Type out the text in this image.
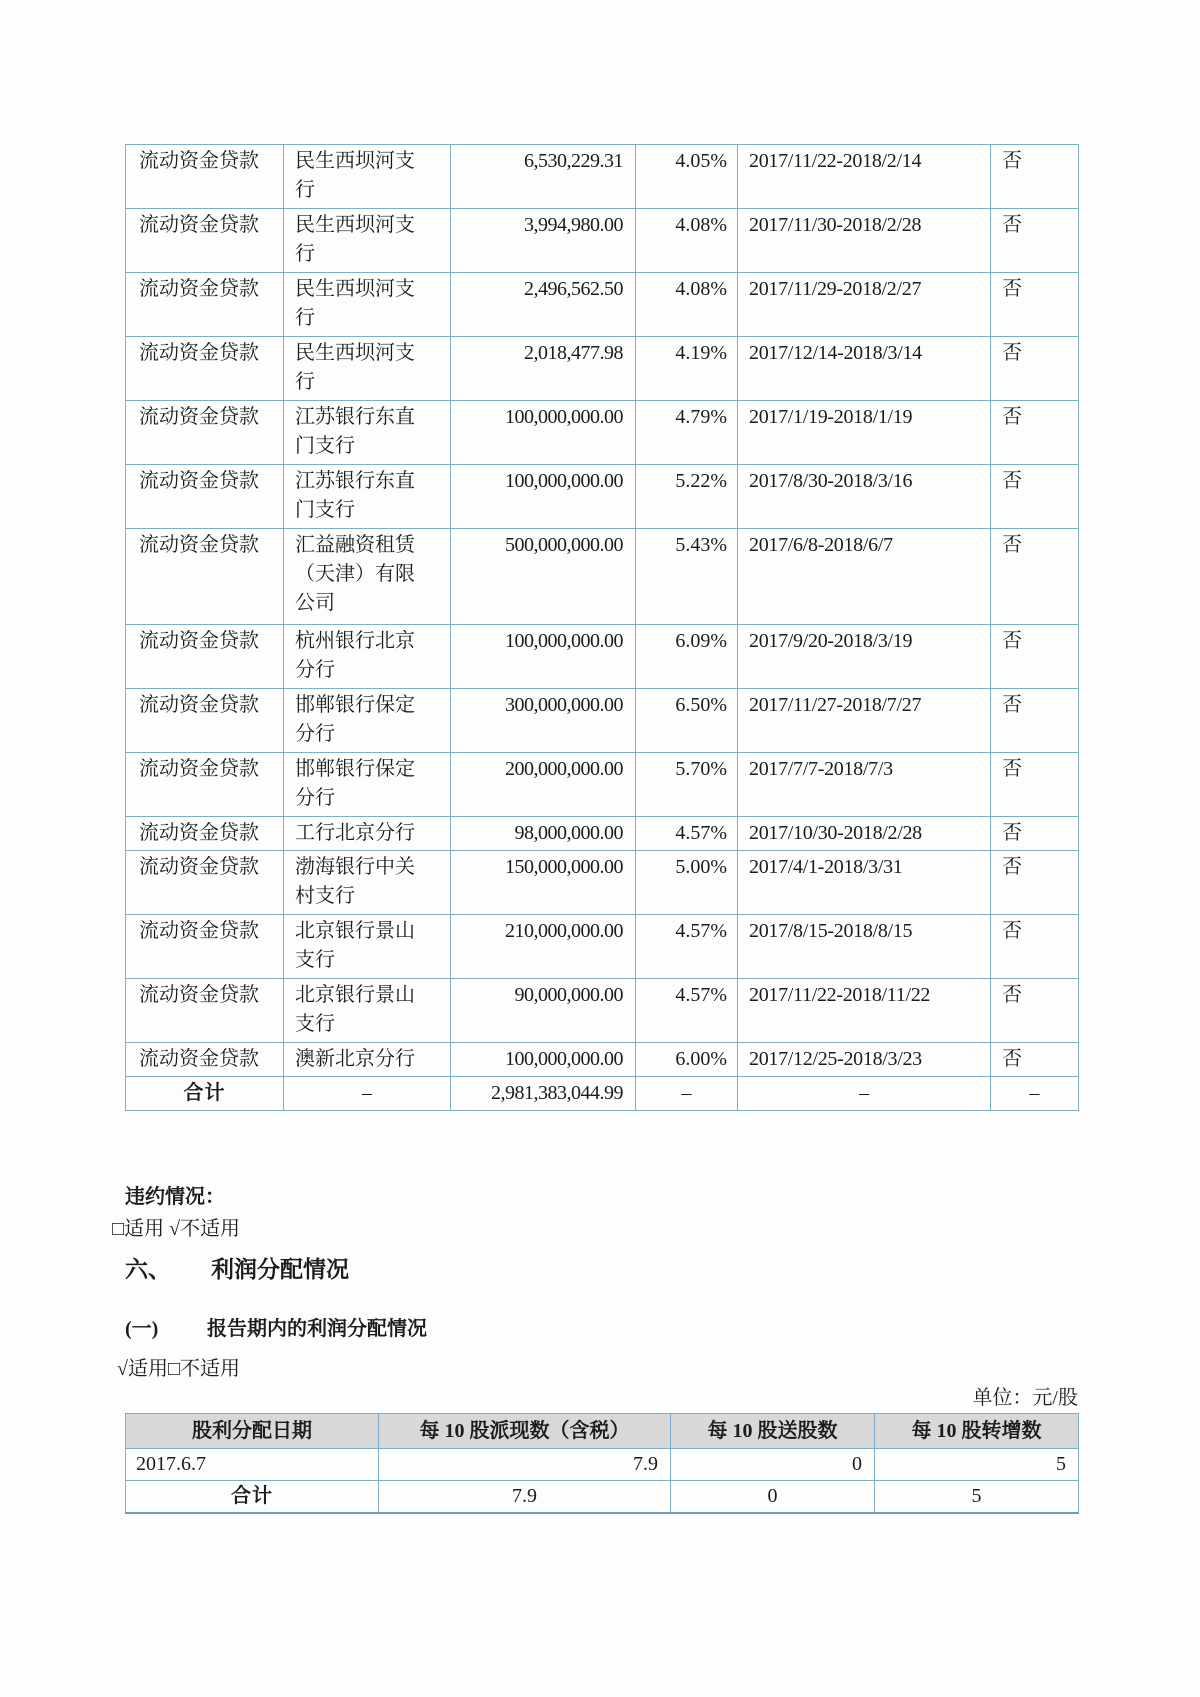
流动资金贷款	民生西坝河支行	6,530,229.31	4.05%	2017/11/22-2018/2/14	否
流动资金贷款	民生西坝河支行	3,994,980.00	4.08%	2017/11/30-2018/2/28	否
流动资金贷款	民生西坝河支行	2,496,562.50	4.08%	2017/11/29-2018/2/27	否
流动资金贷款	民生西坝河支行	2,018,477.98	4.19%	2017/12/14-2018/3/14	否
流动资金贷款	江苏银行东直门支行	100,000,000.00	4.79%	2017/1/19-2018/1/19	否
流动资金贷款	江苏银行东直门支行	100,000,000.00	5.22%	2017/8/30-2018/3/16	否
流动资金贷款	汇益融资租赁（天津）有限公司	500,000,000.00	5.43%	2017/6/8-2018/6/7	否
流动资金贷款	杭州银行北京分行	100,000,000.00	6.09%	2017/9/20-2018/3/19	否
流动资金贷款	邯郸银行保定分行	300,000,000.00	6.50%	2017/11/27-2018/7/27	否
流动资金贷款	邯郸银行保定分行	200,000,000.00	5.70%	2017/7/7-2018/7/3	否
流动资金贷款	工行北京分行	98,000,000.00	4.57%	2017/10/30-2018/2/28	否
流动资金贷款	渤海银行中关村支行	150,000,000.00	5.00%	2017/4/1-2018/3/31	否
流动资金贷款	北京银行景山支行	210,000,000.00	4.57%	2017/8/15-2018/8/15	否
流动资金贷款	北京银行景山支行	90,000,000.00	4.57%	2017/11/22-2018/11/22	否
流动资金贷款	澳新北京分行	100,000,000.00	6.00%	2017/12/25-2018/3/23	否
合计	–	2,981,383,044.99	–	–	–
违约情况：
□适用 √不适用
六、 利润分配情况
(一) 报告期内的利润分配情况
√适用□不适用
单位：元/股
股利分配日期	每 10 股派现数（含税）	每 10 股送股数	每 10 股转增数
2017.6.7	7.9	0	5
合计	7.9	0	5
